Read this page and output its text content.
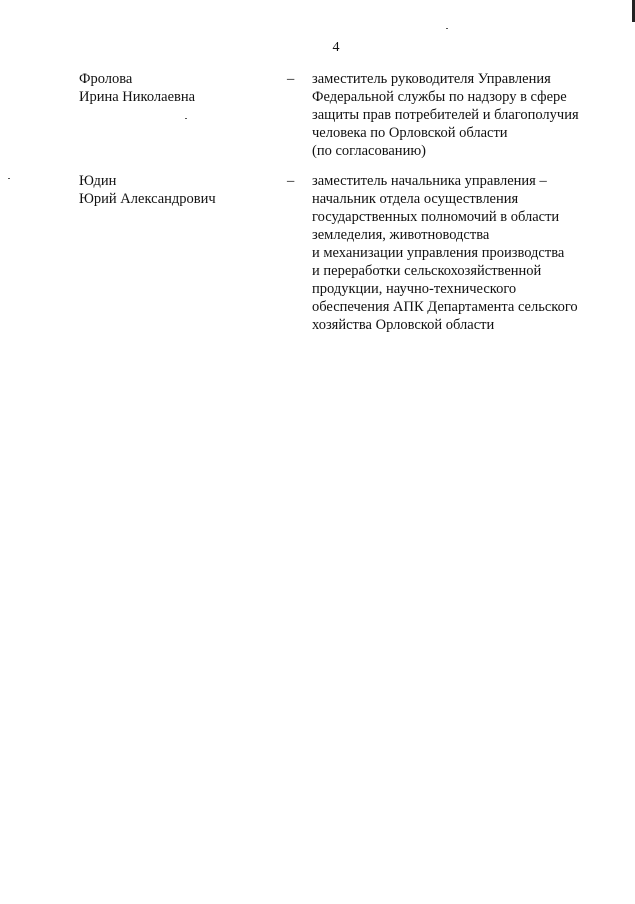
4
Фролова
Ирина Николаевна
– заместитель руководителя Управления
Федеральной службы по надзору в сфере
защиты прав потребителей и благополучия
человека по Орловской области
(по согласованию)
Юдин
Юрий Александрович
– заместитель начальника управления –
начальник отдела осуществления
государственных полномочий в области
земледелия, животноводства
и механизации управления производства
и переработки сельскохозяйственной
продукции, научно-технического
обеспечения АПК Департамента сельского
хозяйства Орловской области
